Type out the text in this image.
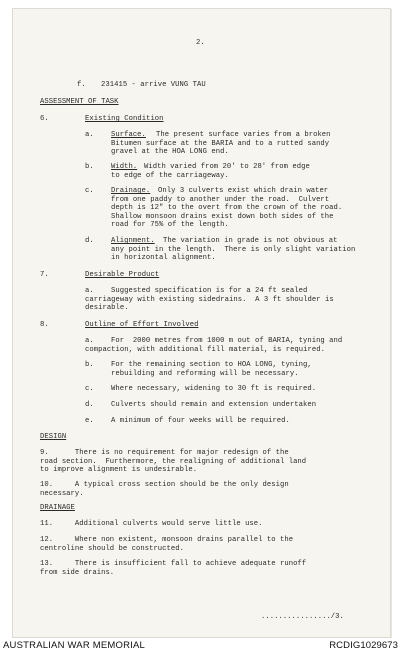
2.
f. 231415 - arrive VUNG TAU
ASSESSMENT OF TASK
6.	Existing Condition
a. Surface. The present surface varies from a broken
Bitumen surface at the BARIA and to a rutted sandy
gravel at the HOA LONG end.
b. Width. Width varied from 20' to 28' from edge
to edge of the carriageway.
c. Drainage. Only 3 culverts exist which drain water
from one paddy to another under the road.  Culvert
depth is 12" to the overt from the crown of the road.
Shallow monsoon drains exist down both sides of the
road for 75% of the length.
d. Alignment. The variation in grade is not obvious at
any point in the length.  There is only slight variation
in horizontal alignment.
7.	Desirable Product
a. Suggested specification is for a 24 ft sealed
carriageway with existing sidedrains.  A 3 ft shoulder is
desirable.
8.	Outline of Effort Involved
a. For  2000 metres from 1000 m out of BARIA, tyning and
compaction, with additional fill material, is required.
b. For the remaining section to HOA LONG, tyning,
rebuilding and reforming will be necessary.
c. Where necessary, widening to 30 ft is required.
d. Culverts should remain and extension undertaken
e. A minimum of four weeks will be required.
DESIGN
9.      There is no requirement for major redesign of the
road section.  Furthermore, the realigning of additional land
to improve alignment is undesirable.
10.     A typical cross section should be the only design
necessary.
DRAINAGE
11.     Additional culverts would serve little use.
12.     Where non existent, monsoon drains parallel to the
centroline should be constructed.
13.     There is insufficient fall to achieve adequate runoff
from side drains.
................/3.
AUSTRALIAN WAR MEMORIAL	RCDIG1029673
